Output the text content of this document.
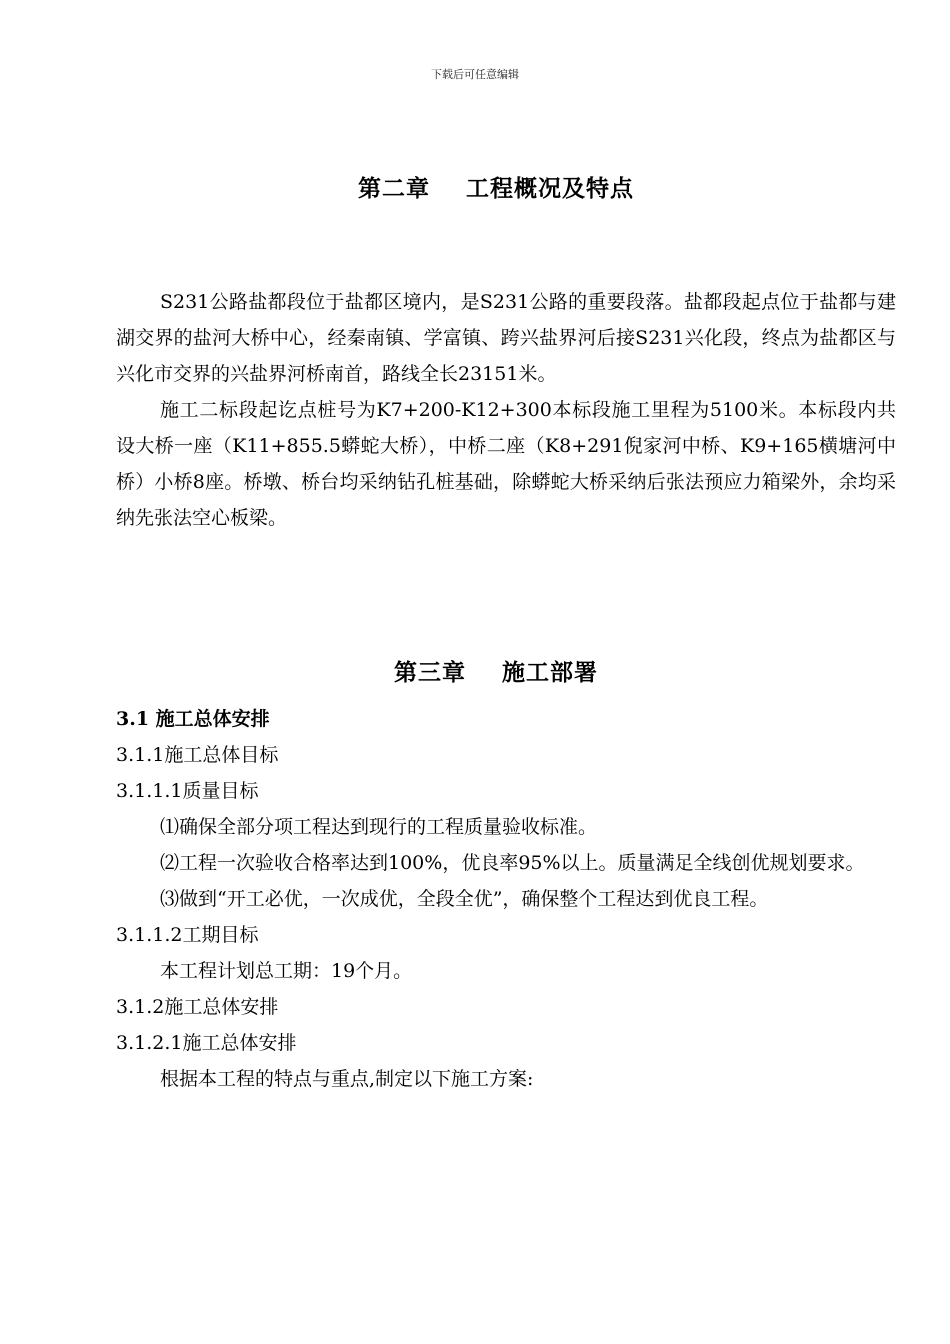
下载后可任意编辑
第二章    工程概况及特点

S231公路盐都段位于盐都区境内，是S231公路的重要段落。盐都段起点位于盐都与建湖交界的盐河大桥中心，经秦南镇、学富镇、跨兴盐界河后接S231兴化段，终点为盐都区与兴化市交界的兴盐界河桥南首，路线全长23151米。

施工二标段起讫点桩号为K7+200-K12+300本标段施工里程为5100米。本标段内共设大桥一座（K11+855.5蟒蛇大桥），中桥二座（K8+291倪家河中桥、K9+165横塘河中桥）小桥8座。桥墩、桥台均采纳钻孔桩基础，除蟒蛇大桥采纳后张法预应力箱梁外，余均采纳先张法空心板梁。

第三章    施工部署

3.1 施工总体安排

3.1.1施工总体目标

3.1.1.1质量目标

⑴确保全部分项工程达到现行的工程质量验收标准。

⑵工程一次验收合格率达到100%，优良率95%以上。质量满足全线创优规划要求。

⑶做到“开工必优，一次成优，全段全优”，确保整个工程达到优良工程。

3.1.1.2工期目标

本工程计划总工期：19个月。

3.1.2施工总体安排

3.1.2.1施工总体安排

根据本工程的特点与重点,制定以下施工方案:
